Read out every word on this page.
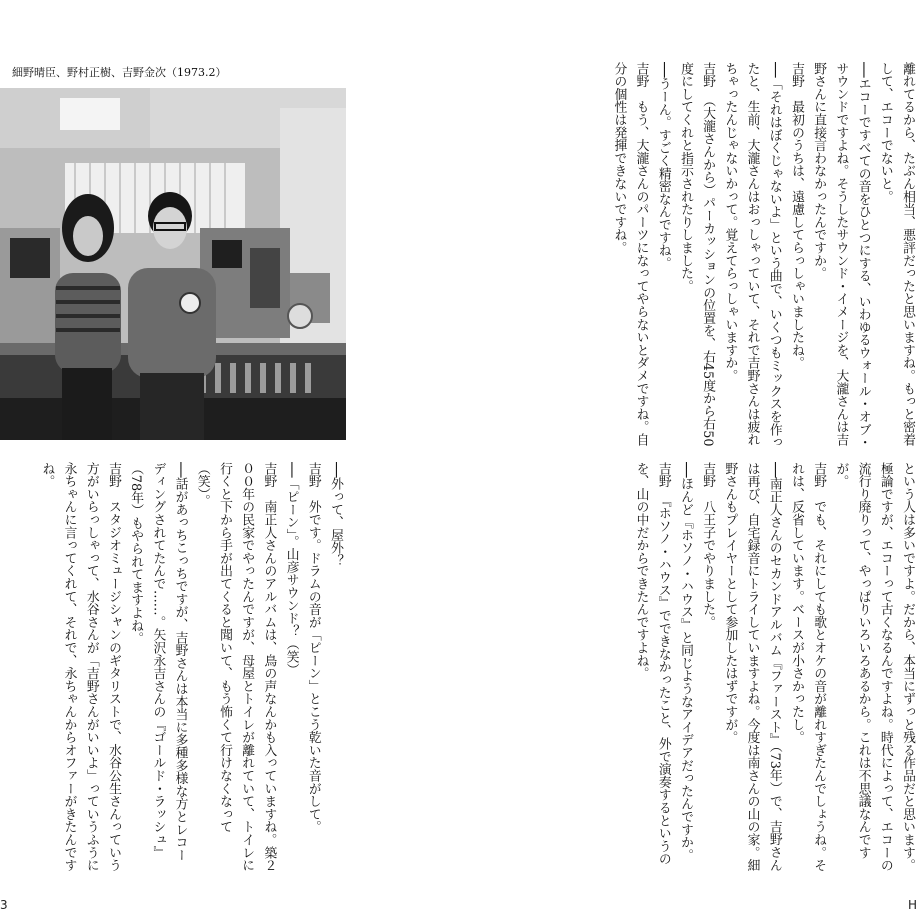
細野晴臣、野村正樹、吉野金次（1973.2）

──外って、屋外？

吉野　外です。ドラムの音が「ピーン」とこう乾いた音がして。

──「ピーン」。山彦サウンド？（笑）

吉野　南正人さんのアルバムは、鳥の声なんかも入っていますね。築２００年の民家でやったんですが、母屋とトイレが離れていて、トイレに行くと下から手が出てくると聞いて、もう怖くて行けなくなって（笑）。

──話があっちこっちですが、吉野さんは本当に多種多様な方とレコーディングされてたんで……。矢沢永吉さんの『ゴールド・ラッシュ』（78年）もやられてますよね。

吉野　スタジオミュージシャンのギタリストで、水谷公生さんっていう方がいらっしゃって、水谷さんが「吉野さんがいいよ」っていうふうに永ちゃんに言ってくれて、それで、永ちゃんからオファーがきたんですね。

離れてるから、たぶん相当、悪評だったと思いますね。もっと密着して、エコーでないと。

──エコーですべての音をひとつにする、いわゆるウォール・オブ・サウンドですよね。そうしたサウンド・イメージを、大瀧さんは吉野さんに直接言わなかったんですか。

吉野　最初のうちは、遠慮してらっしゃいましたね。

──「それはぼくじゃないよ」という曲で、いくつもミックスを作ったと、生前、大瀧さんはおっしゃっていて、それで吉野さんは疲れちゃったんじゃないかって。覚えてらっしゃいますか。

吉野　（大瀧さんから）パーカッションの位置を、右45度から右50度にしてくれと指示されたりしました。

──うーん。すごく精密なんですね。

吉野　もう、大瀧さんのパーツになってやらないとダメですね。自分の個性は発揮できないですね。

という人は多いですよ。だから、本当にずっと残る作品だと思います。極論ですが、エコーって古くなるんですよね。時代によって、エコーの流行り廃りって、やっぱりいろいろあるから。これは不思議なんですが。

吉野　でも、それにしても歌とオケの音が離れすぎたんでしょうね。それは、反省しています。ベースが小さかったし。

──南正人さんのセカンドアルバム『ファースト』（73年）で、吉野さんは再び、自宅録音にトライしていますよね。今度は南さんの山の家。細野さんもプレイヤーとして参加したはずですが。

吉野　八王子でやりました。

──ほんど『ホソノ・ハウス』と同じようなアイデアだったんですか。

吉野　『ホソノ・ハウス』でできなかったこと、外で演奏するというのを、山の中だからできたんですよね。

3	H
